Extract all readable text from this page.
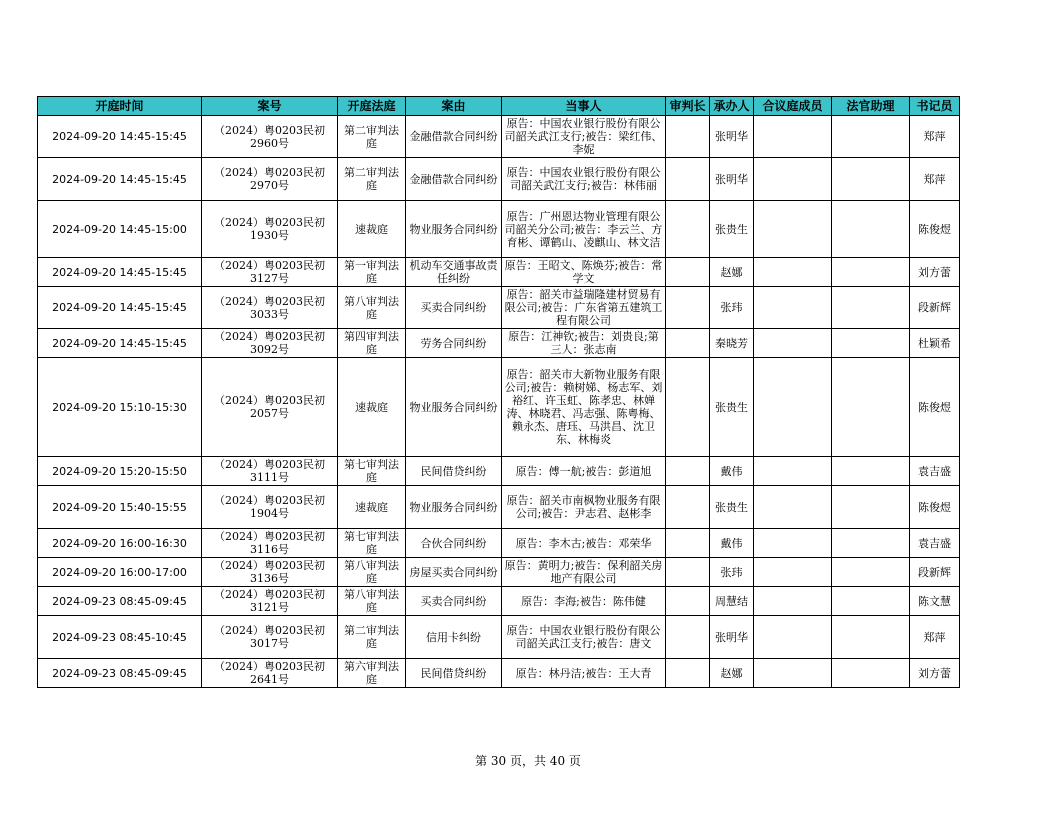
开庭时间	案号	开庭法庭	案由	当事人	审判长	承办人	合议庭成员	法官助理	书记员

2024-09-20 14:45-15:45	（2024）粤0203民初2960号	第二审判法庭	金融借款合同纠纷	原告：中国农业银行股份有限公司韶关武江支行;被告：梁红伟、李妮		张明华			郑萍

2024-09-20 14:45-15:45	（2024）粤0203民初2970号	第二审判法庭	金融借款合同纠纷	原告：中国农业银行股份有限公司韶关武江支行;被告：林伟丽		张明华			郑萍

2024-09-20 14:45-15:00	（2024）粤0203民初1930号	速裁庭	物业服务合同纠纷	原告：广州恩达物业管理有限公司韶关分公司;被告：李云兰、方育彬、谭鹤山、凌麒山、林文洁		张贵生			陈俊煜

2024-09-20 14:45-15:45	（2024）粤0203民初3127号	第一审判法庭	机动车交通事故责任纠纷	原告：王昭文、陈焕芬;被告：常学文		赵娜			刘方蕾

2024-09-20 14:45-15:45	（2024）粤0203民初3033号	第八审判法庭	买卖合同纠纷	原告：韶关市益瑞隆建材贸易有限公司;被告：广东省第五建筑工程有限公司		张玮			段新辉

2024-09-20 14:45-15:45	（2024）粤0203民初3092号	第四审判法庭	劳务合同纠纷	原告：江神钦;被告：刘贵良;第三人：张志南		秦晓芳			杜颖希

2024-09-20 15:10-15:30	（2024）粤0203民初2057号	速裁庭	物业服务合同纠纷	原告：韶关市大新物业服务有限公司;被告：赖树娣、杨志军、刘裕红、许玉虹、陈孝忠、林婵涛、林晓君、冯志强、陈粤梅、赖永杰、唐珏、马洪昌、沈卫东、林梅炎		张贵生			陈俊煜

2024-09-20 15:20-15:50	（2024）粤0203民初3111号	第七审判法庭	民间借贷纠纷	原告：傅一航;被告：彭道旭		戴伟			袁吉盛

2024-09-20 15:40-15:55	（2024）粤0203民初1904号	速裁庭	物业服务合同纠纷	原告：韶关市南枫物业服务有限公司;被告：尹志君、赵彬李		张贵生			陈俊煜

2024-09-20 16:00-16:30	（2024）粤0203民初3116号	第七审判法庭	合伙合同纠纷	原告：李木古;被告：邓荣华		戴伟			袁吉盛

2024-09-20 16:00-17:00	（2024）粤0203民初3136号	第八审判法庭	房屋买卖合同纠纷	原告：黄明力;被告：保利韶关房地产有限公司		张玮			段新辉

2024-09-23 08:45-09:45	（2024）粤0203民初3121号	第八审判法庭	买卖合同纠纷	原告：李海;被告：陈伟健		周慧结			陈文慧

2024-09-23 08:45-10:45	（2024）粤0203民初3017号	第二审判法庭	信用卡纠纷	原告：中国农业银行股份有限公司韶关武江支行;被告：唐文		张明华			郑萍

2024-09-23 08:45-09:45	（2024）粤0203民初2641号	第六审判法庭	民间借贷纠纷	原告：林丹洁;被告：王大青		赵娜			刘方蕾
第 30 页，共 40 页
